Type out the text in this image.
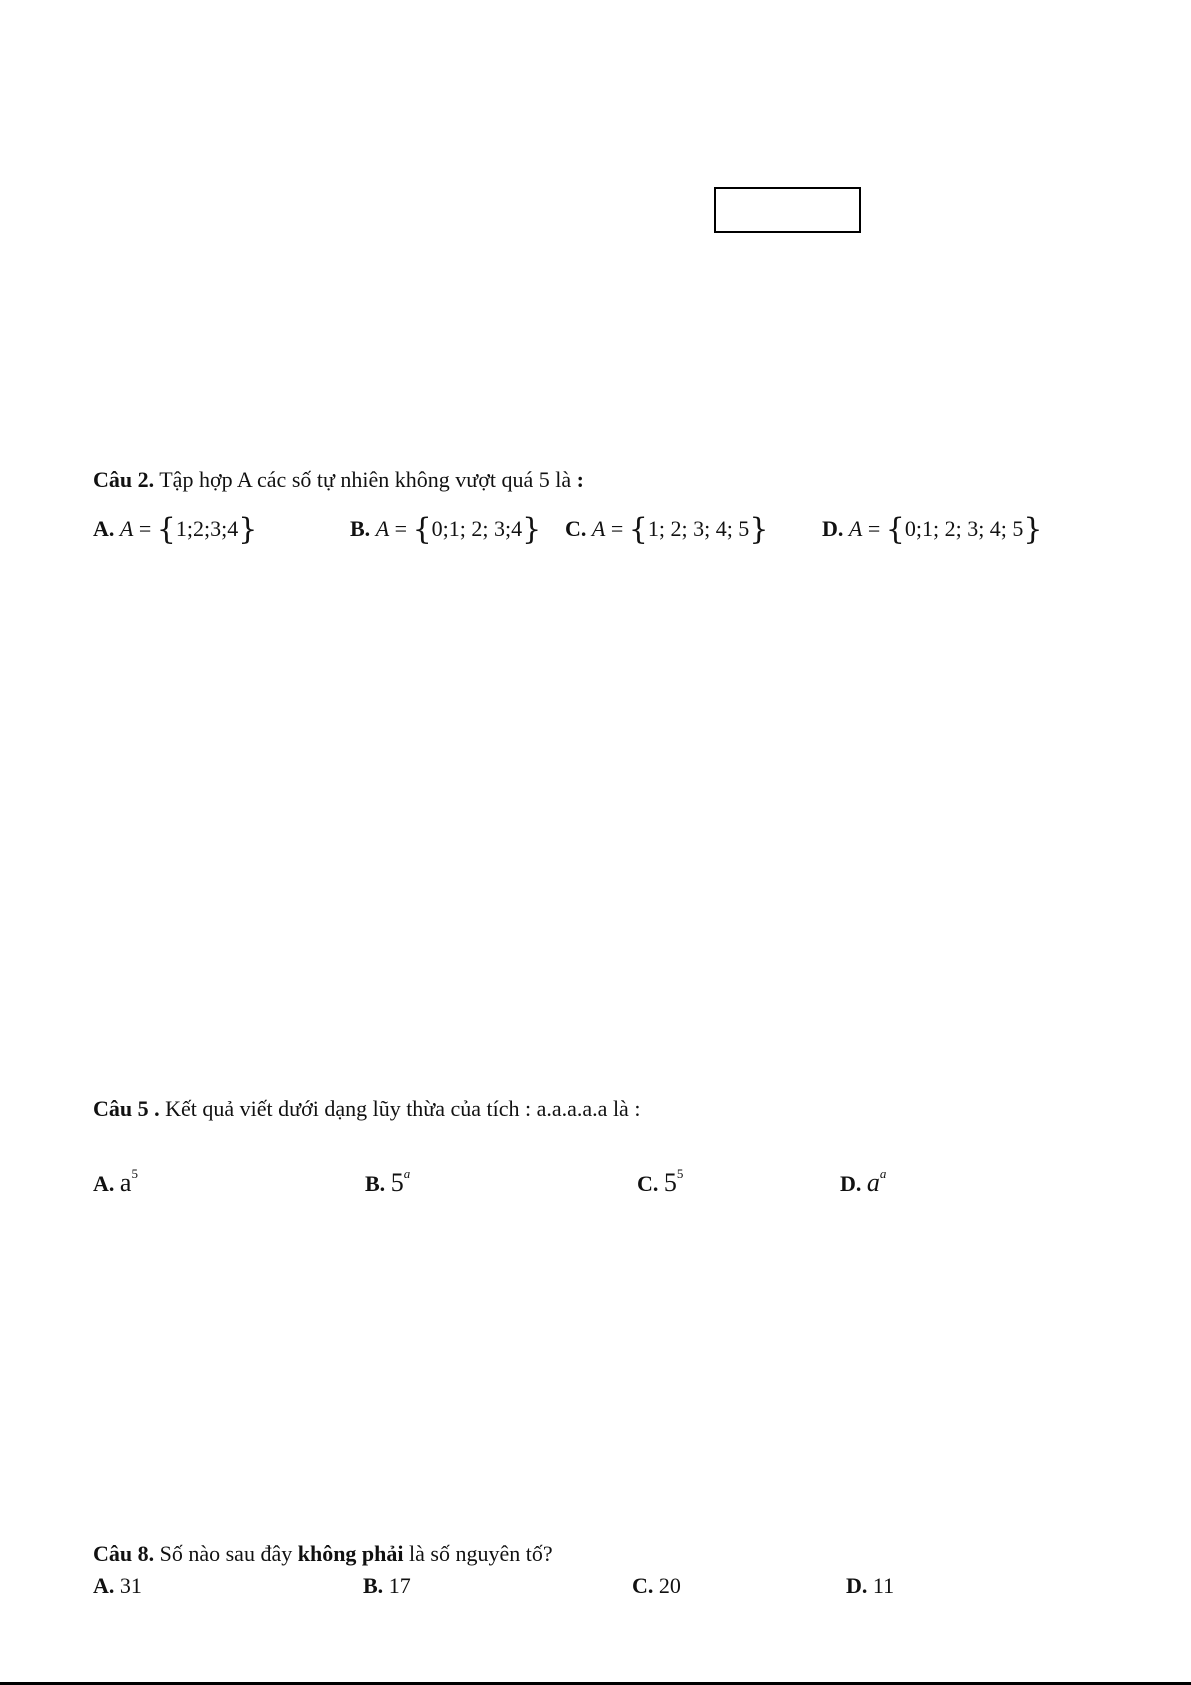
Câu 2. Tập hợp A các số tự nhiên không vượt quá 5 là :
A. A = {1;2;3;4}	B. A = {0;1; 2; 3;4} C. A = {1; 2; 3; 4; 5} D. A = {0;1; 2; 3; 4; 5}
Câu 5 . Kết quả viết dưới dạng lũy thừa của tích : a.a.a.a.a là :
A. $a^5$	B. 5$^a$	C. $5^5$	D. $a^a$
Câu 8. Số nào sau đây không phải là số nguyên tố?
A. 31	B. 17	C. 20	D. 11
